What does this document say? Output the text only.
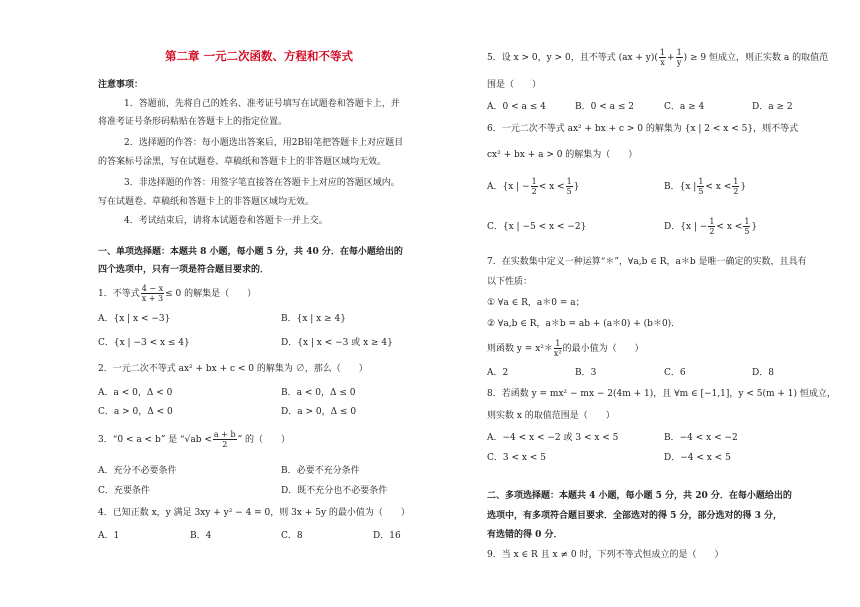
第二章 一元二次函数、方程和不等式
注意事项：
1．答题前，先将自己的姓名、准考证号填写在试题卷和答题卡上，并
将准考证号条形码粘贴在答题卡上的指定位置。
2．选择题的作答：每小题选出答案后，用2B铅笔把答题卡上对应题目
的答案标号涂黑，写在试题卷、草稿纸和答题卡上的非答题区域均无效。
3．非选择题的作答：用签字笔直接答在答题卡上对应的答题区域内。
写在试题卷、草稿纸和答题卡上的非答题区域均无效。
4．考试结束后，请将本试题卷和答题卡一并上交。
一、单项选择题：本题共 8 小题，每小题 5 分，共 40 分．在每小题给出的
四个选项中，只有一项是符合题目要求的．
1．不等式 $\frac{4 - x}{x + 3} \le 0$ 的解集是（　　）
A．{x | x < −3}	B．{x | x ≥ 4}
C．{x | −3 < x ≤ 4}	D．{x | x < −3 或 x ≥ 4}
2．一元二次不等式 ax² + bx + c < 0 的解集为 ∅，那么（　　）
A．a < 0，Δ < 0	B．a < 0，Δ ≤ 0
C．a > 0，Δ < 0	D．a > 0，Δ ≤ 0
3．“0 < a < b” 是 “$√ab < \frac{a + b}{2}$ ” 的（　　）
A．充分不必要条件	B．必要不充分条件
C．充要条件	D．既不充分也不必要条件
4．已知正数 x，y 满足 3xy + y² − 4 = 0，则 3x + 5y 的最小值为（　　）
A．1	B．4	C．8	D．16
5．设 x > 0，y > 0，且不等式 $(ax + y)( \frac{1}{x} + \frac{1}{y}$ ) ≥ 9 恒成立，则正实数 a 的取值范
围是（　　）
A．0 < a ≤ 4	B．0 < a ≤ 2	C．a ≥ 4	D．a ≥ 2
6．一元二次不等式 ax² + bx + c > 0 的解集为 {x | 2 < x < 5}，则不等式
cx² + bx + a > 0 的解集为（　　）
A．{x | − $\frac{1}{2} < x < \frac{1}{5}$ }	B．{x | $\frac{1}{5} < x < \frac{1}{2}$ }
C．{x | −5 < x < −2}	D．{x | − $\frac{1}{2} < x < \frac{1}{5}$ }
7．在实数集中定义一种运算“＊”，∀a,b ∈ R，a＊b 是唯一确定的实数，且具有
以下性质：
① ∀a ∈ R，a＊0 = a；
② ∀a,b ∈ R，a＊b = ab + (a＊0) + (b＊0)．
则函数 y = x²＊ $\frac{1}{\text{x²}}$ 的最小值为（　　）
A．2	B．3	C．6	D．8
8．若函数 y = mx² − mx − 2(4m + 1)，且 ∀m ∈ [−1,1]，y < 5(m + 1) 恒成立，
则实数 x 的取值范围是（　　）
A．−4 < x < −2 或 3 < x < 5	B．−4 < x < −2
C．3 < x < 5	D．−4 < x < 5
二、多项选择题：本题共 4 小题，每小题 5 分，共 20 分．在每小题给出的
选项中，有多项符合题目要求．全部选对的得 5 分，部分选对的得 3 分，
有选错的得 0 分．
9．当 x ∈ R 且 x ≠ 0 时，下列不等式恒成立的是（　　）
